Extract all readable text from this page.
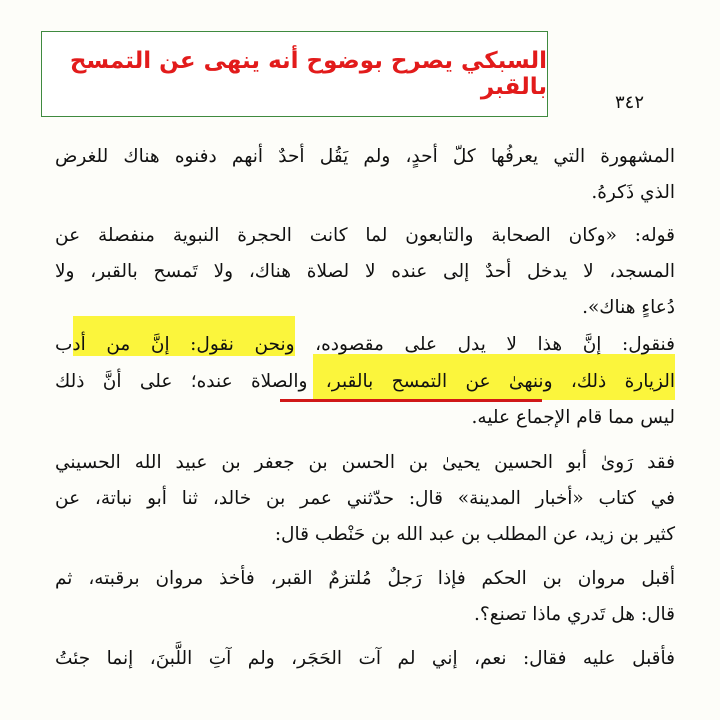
السبكي يصرح بوضوح أنه ينهى عن التمسح بالقبر
٣٤٢
المشهورة التي يعرفُها كلّ أحدٍ، ولم يَقُل أحدٌ أنهم دفنوه هناك للغرض
الذي ذَكرهُ.
قوله: «وكان الصحابة والتابعون لما كانت الحجرة النبوية منفصلة عن
المسجد، لا يدخل أحدٌ إلى عنده لا لصلاة هناك، ولا تَمسح بالقبر، ولا
دُعاءٍ هناك».
فنقول: إنَّ هذا لا يدل على مقصوده، ونحن نقول: إنَّ من أدب
الزيارة ذلك، وننهىٰ عن التمسح بالقبر، والصلاة عنده؛ على أنَّ ذلك
ليس مما قام الإجماع عليه.
فقد رَوىٰ أبو الحسين يحيىٰ بن الحسن بن جعفر بن عبيد الله الحسيني
في كتاب «أخبار المدينة» قال: حدّثني عمر بن خالد، ثنا أبو نباتة، عن
كثير بن زيد، عن المطلب بن عبد الله بن حَنْطب قال:
أقبل مروان بن الحكم فإذا رَجلٌ مُلتزمٌ القبر، فأخذ مروان برقبته، ثم
قال: هل تَدري ماذا تصنع؟.
فأقبل عليه فقال: نعم، إني لم آت الحَجَر، ولم آتِ اللَّبنَ، إنما جئتُ
